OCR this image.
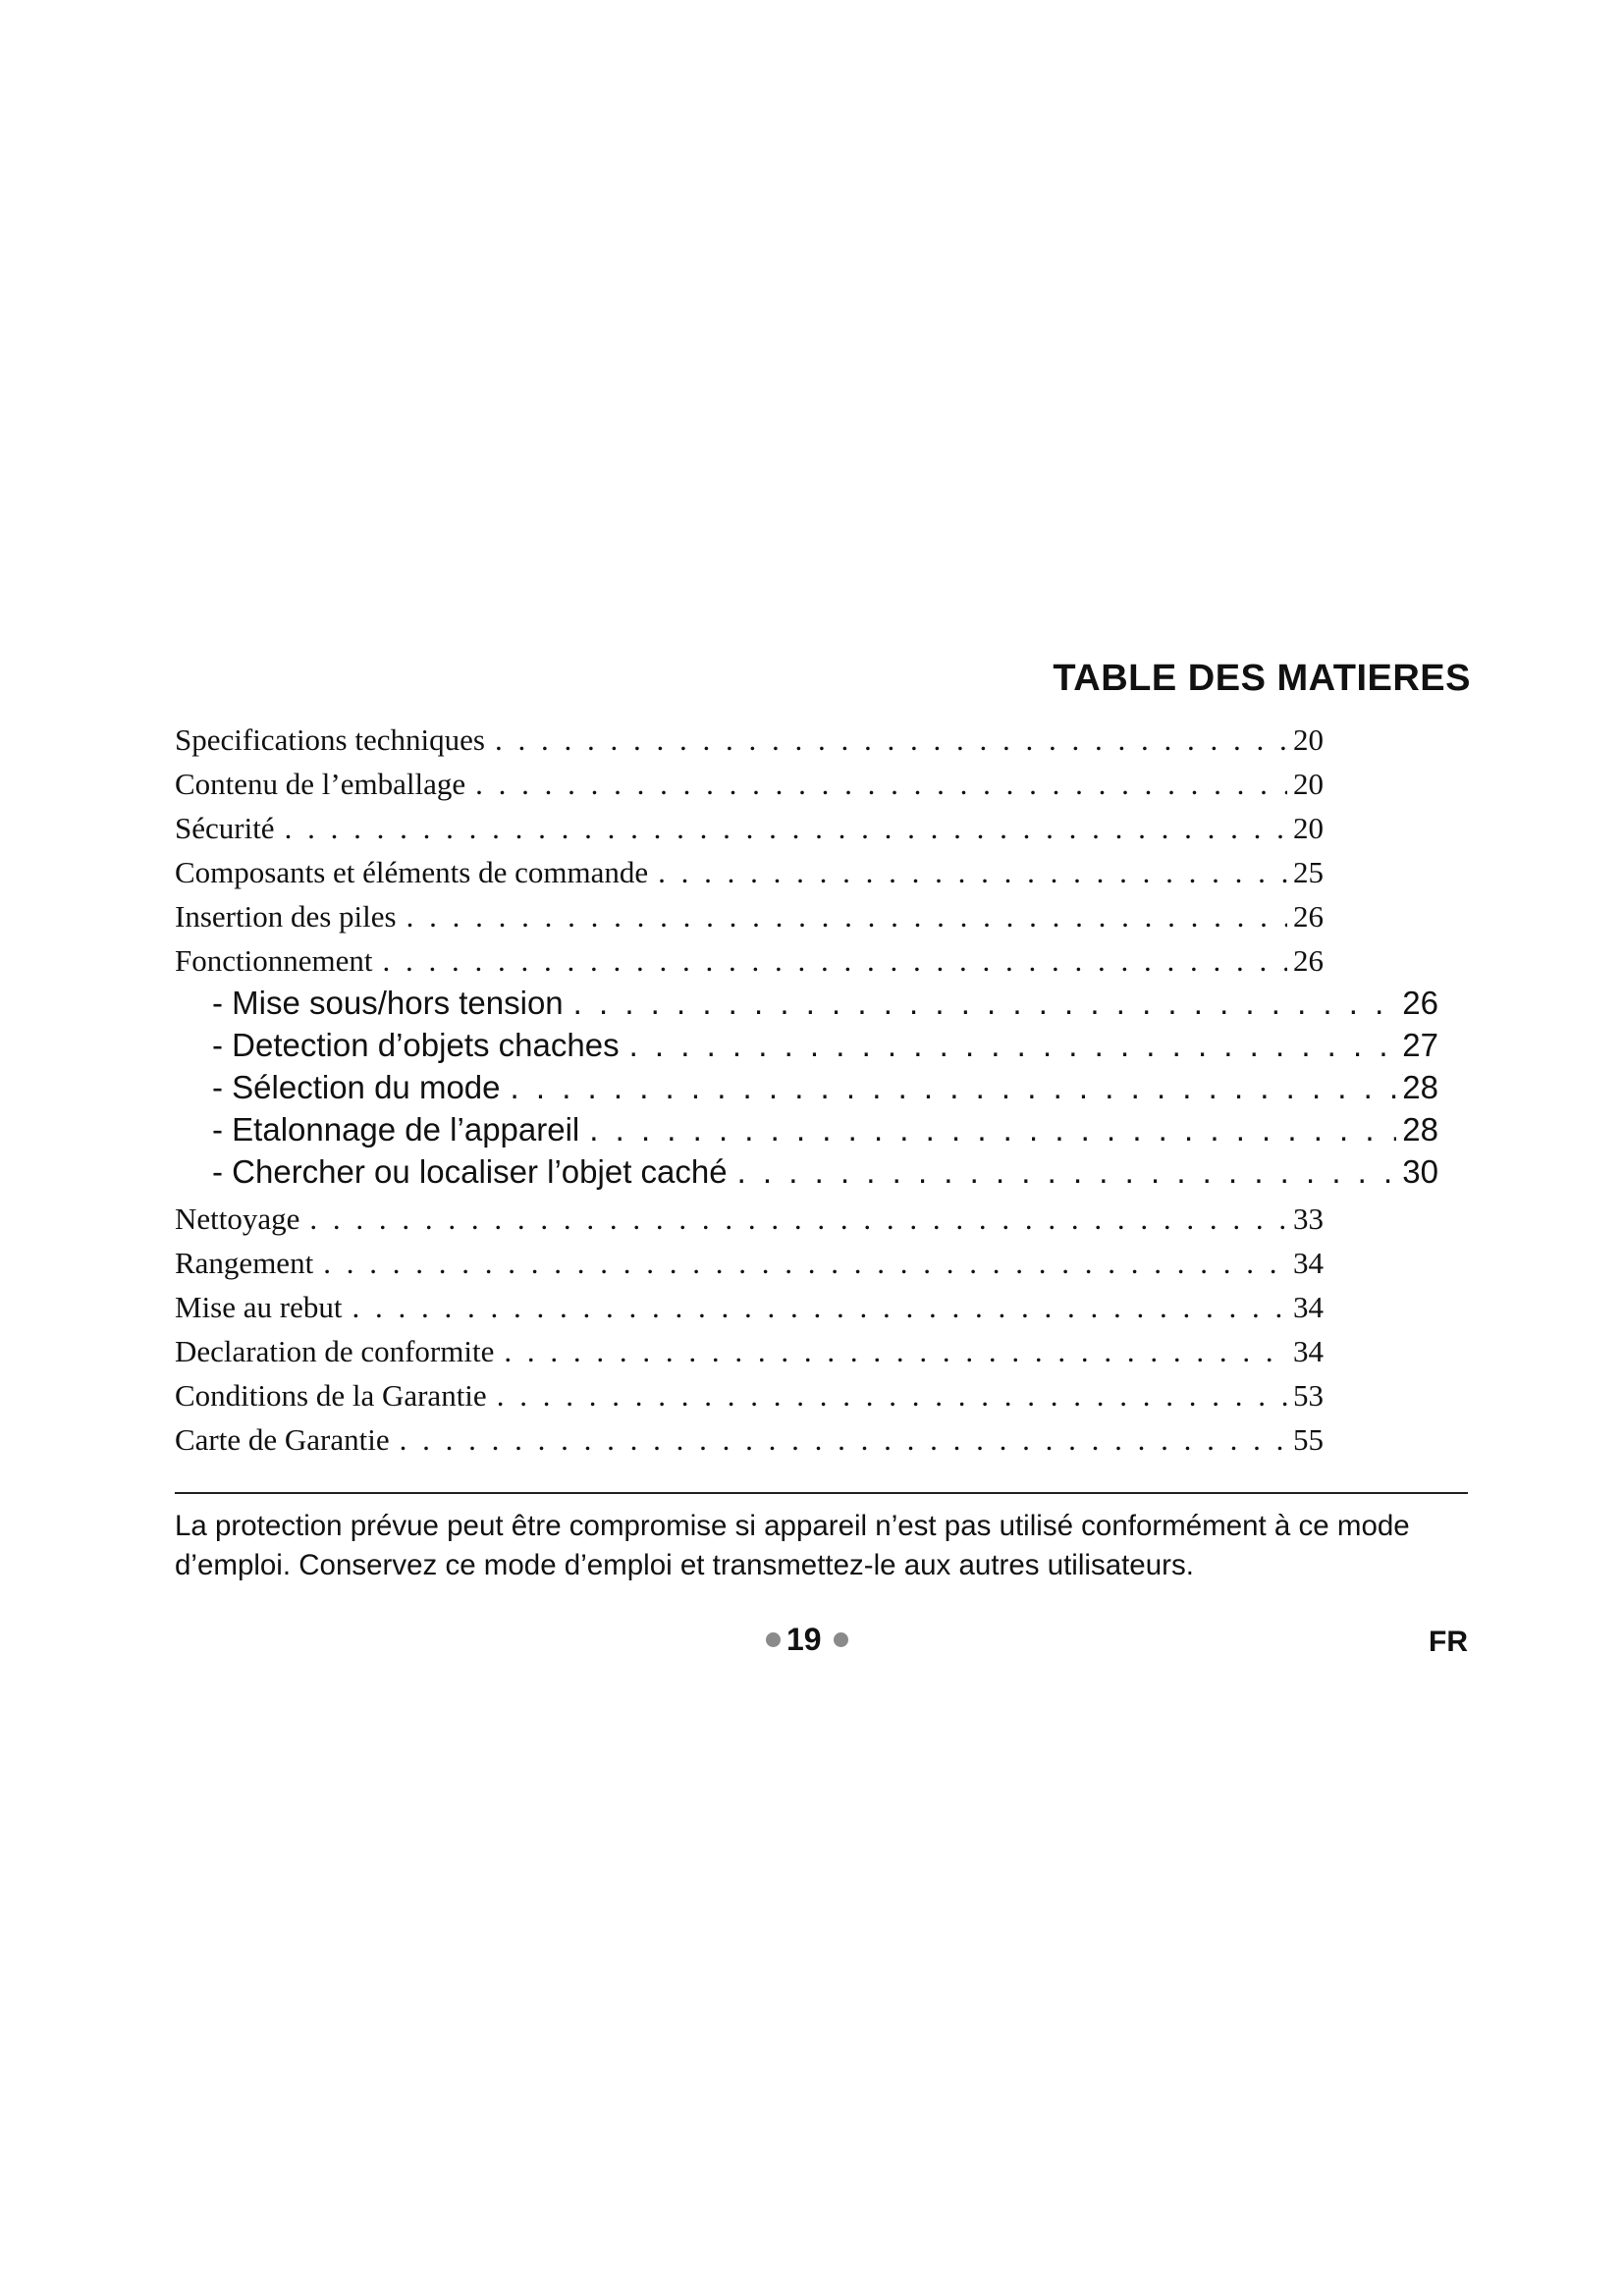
TABLE DES MATIERES
Specifications techniques . . .	20
Contenu de l’emballage . . .	20
Sécurité . . .	20
Composants et éléments de commande . . .	25
Insertion des piles . . .	26
Fonctionnement . . .	26
- Mise sous/hors tension . . .	26
- Detection d’objets chaches . . .	27
- Sélection du mode . . .	28
- Etalonnage de l’appareil . . .	28
- Chercher ou localiser l’objet caché . . .	30
Nettoyage . . .	33
Rangement . . .	34
Mise au rebut . . .	34
Declaration de conformite . . .	34
Conditions de la Garantie . . .	53
Carte de Garantie . . .	55
La protection prévue peut être compromise si appareil n’est pas utilisé conformément à ce mode d’emploi. Conservez ce mode d’emploi et transmettez-le aux autres utilisateurs.
19	FR
